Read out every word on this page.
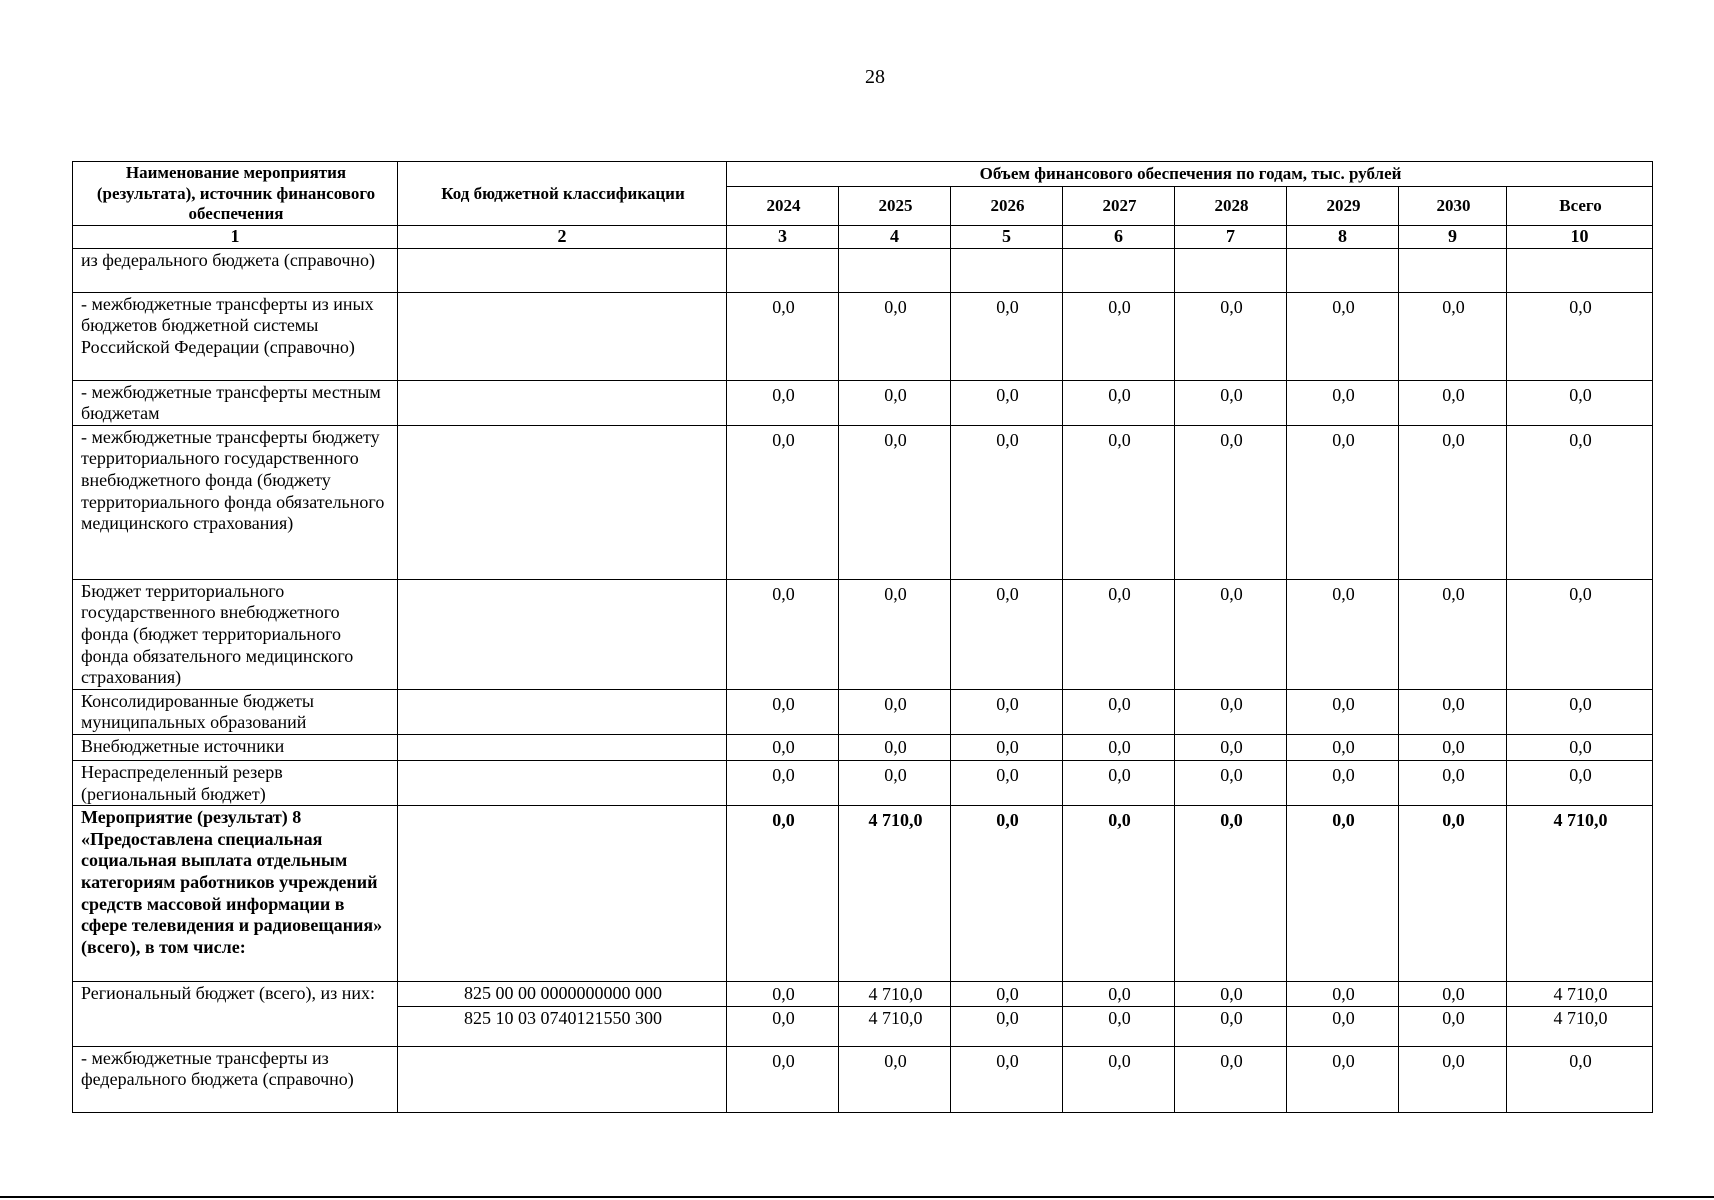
28
Наименование мероприятия (результата), источник финансового обеспечения	Код бюджетной классификации	Объем финансового обеспечения по годам, тыс. рублей							
		2024	2025	2026	2027	2028	2029	2030	Всего
1	2	3	4	5	6	7	8	9	10
из федерального бюджета (справочно)									
- межбюджетные трансферты из иных бюджетов бюджетной системы Российской Федерации (справочно)		0,0	0,0	0,0	0,0	0,0	0,0	0,0	0,0
- межбюджетные трансферты местным бюджетам		0,0	0,0	0,0	0,0	0,0	0,0	0,0	0,0
- межбюджетные трансферты бюджету территориального государственного внебюджетного фонда (бюджету территориального фонда обязательного медицинского страхования)		0,0	0,0	0,0	0,0	0,0	0,0	0,0	0,0
Бюджет территориального государственного внебюджетного фонда (бюджет территориального фонда обязательного медицинского страхования)		0,0	0,0	0,0	0,0	0,0	0,0	0,0	0,0
Консолидированные бюджеты муниципальных образований		0,0	0,0	0,0	0,0	0,0	0,0	0,0	0,0
Внебюджетные источники		0,0	0,0	0,0	0,0	0,0	0,0	0,0	0,0
Нераспределенный резерв (региональный бюджет)		0,0	0,0	0,0	0,0	0,0	0,0	0,0	0,0
Мероприятие (результат) 8 «Предоставлена специальная социальная выплата отдельным категориям работников учреждений средств массовой информации в сфере телевидения и радиовещания» (всего), в том числе:		0,0	4 710,0	0,0	0,0	0,0	0,0	0,0	4 710,0
Региональный бюджет (всего), из них:	825 00 00 0000000000 000	0,0	4 710,0	0,0	0,0	0,0	0,0	0,0	4 710,0
	825 10 03 0740121550 300	0,0	4 710,0	0,0	0,0	0,0	0,0	0,0	4 710,0
- межбюджетные трансферты из федерального бюджета (справочно)		0,0	0,0	0,0	0,0	0,0	0,0	0,0	0,0
